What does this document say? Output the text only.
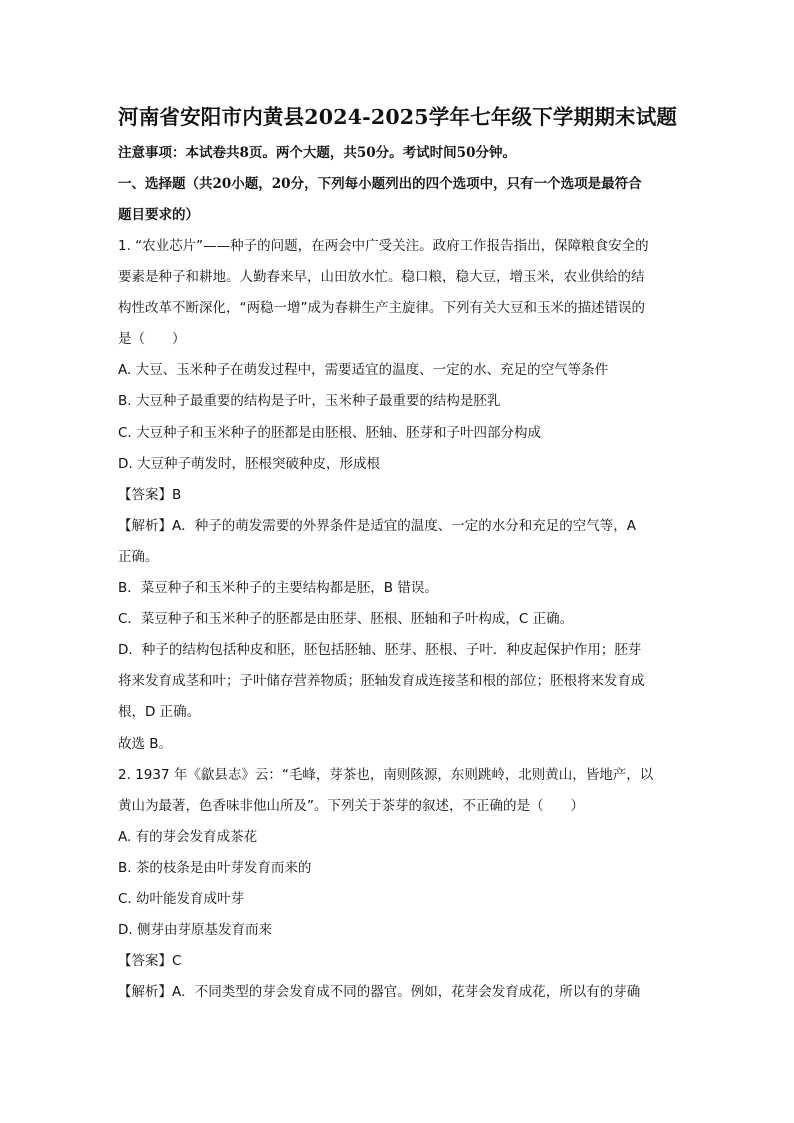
河南省安阳市内黄县2024-2025学年七年级下学期期末试题
注意事项：本试卷共8页。两个大题，共50分。考试时间50分钟。
一、选择题（共20小题，20分，下列每小题列出的四个选项中，只有一个选项是最符合
题目要求的）
1. “农业芯片”——种子的问题，在两会中广受关注。政府工作报告指出，保障粮食安全的
要素是种子和耕地。人勤春来早，山田放水忙。稳口粮，稳大豆，增玉米，农业供给的结
构性改革不断深化，“两稳一增”成为春耕生产主旋律。下列有关大豆和玉米的描述错误的
是（　　）
A. 大豆、玉米种子在萌发过程中，需要适宜的温度、一定的水、充足的空气等条件
B. 大豆种子最重要的结构是子叶，玉米种子最重要的结构是胚乳
C. 大豆种子和玉米种子的胚都是由胚根、胚轴、胚芽和子叶四部分构成
D. 大豆种子萌发时，胚根突破种皮，形成根
【答案】B
【解析】A．种子的萌发需要的外界条件是适宜的温度、一定的水分和充足的空气等，A
正确。
B．菜豆种子和玉米种子的主要结构都是胚，B 错误。
C．菜豆种子和玉米种子的胚都是由胚芽、胚根、胚轴和子叶构成，C 正确。
D．种子的结构包括种皮和胚，胚包括胚轴、胚芽、胚根、子叶．种皮起保护作用；胚芽
将来发育成茎和叶；子叶储存营养物质；胚轴发育成连接茎和根的部位；胚根将来发育成
根，D 正确。
故选 B。
2. 1937 年《歙县志》云：“毛峰，芽茶也，南则陔源，东则跳岭，北则黄山，皆地产，以
黄山为最著，色香味非他山所及”。下列关于茶芽的叙述，不正确的是（　　）
A. 有的芽会发育成茶花
B. 茶的枝条是由叶芽发育而来的
C. 幼叶能发育成叶芽
D. 侧芽由芽原基发育而来
【答案】C
【解析】A．不同类型的芽会发育成不同的器官。例如，花芽会发育成花，所以有的芽确
